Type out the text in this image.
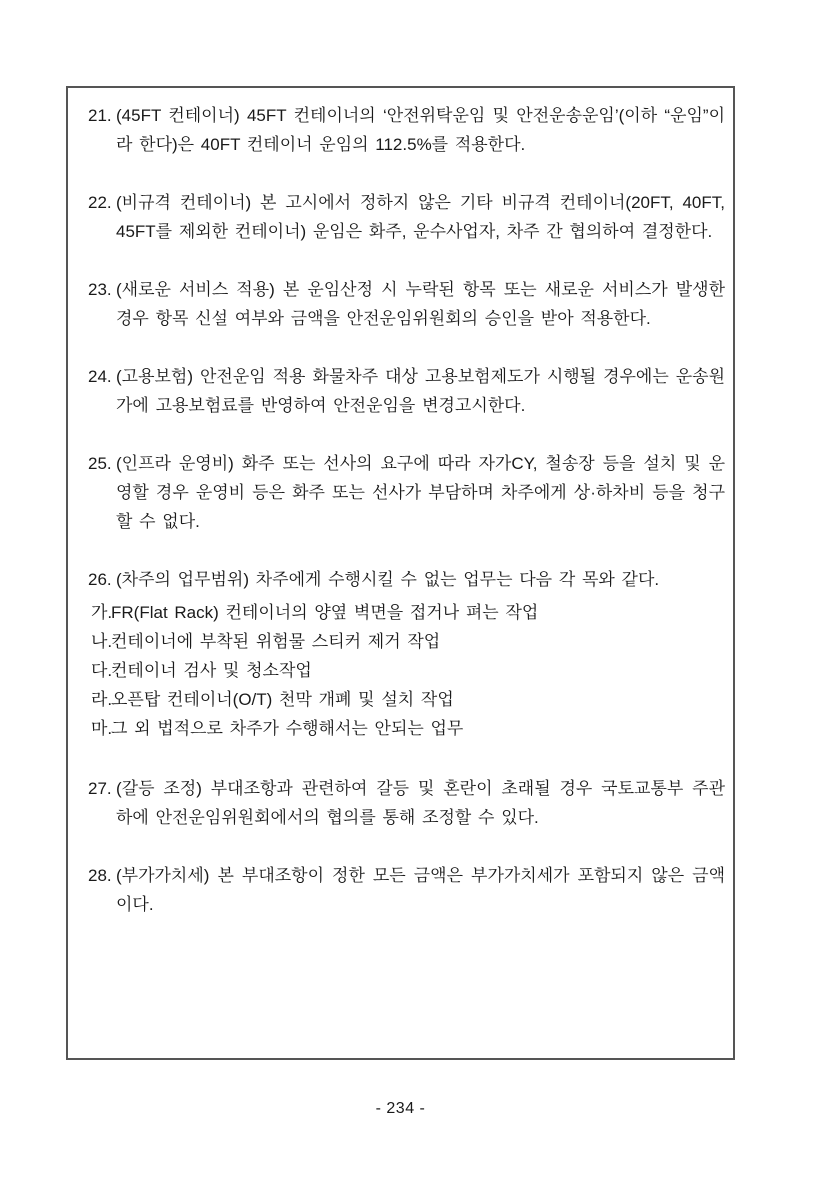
21. (45FT 컨테이너) 45FT 컨테이너의 ‘안전위탁운임 및 안전운송운임’(이하 “운임”이라 한다)은 40FT 컨테이너 운임의 112.5%를 적용한다.

22. (비규격 컨테이너) 본 고시에서 정하지 않은 기타 비규격 컨테이너(20FT, 40FT, 45FT를 제외한 컨테이너) 운임은 화주, 운수사업자, 차주 간 협의하여 결정한다.

23. (새로운 서비스 적용) 본 운임산정 시 누락된 항목 또는 새로운 서비스가 발생한 경우 항목 신설 여부와 금액을 안전운임위원회의 승인을 받아 적용한다.

24. (고용보험) 안전운임 적용 화물차주 대상 고용보험제도가 시행될 경우에는 운송원가에 고용보험료를 반영하여 안전운임을 변경고시한다.

25. (인프라 운영비) 화주 또는 선사의 요구에 따라 자가CY, 철송장 등을 설치 및 운영할 경우 운영비 등은 화주 또는 선사가 부담하며 차주에게 상·하차비 등을 청구할 수 없다.

26. (차주의 업무범위) 차주에게 수행시킬 수 없는 업무는 다음 각 목와 같다.

가.FR(Flat Rack) 컨테이너의 양옆 벽면을 접거나 펴는 작업

나.컨테이너에 부착된 위험물 스티커 제거 작업

다.컨테이너 검사 및 청소작업

라.오픈탑 컨테이너(O/T) 천막 개폐 및 설치 작업

마.그 외 법적으로 차주가 수행해서는 안되는 업무

27. (갈등 조정) 부대조항과 관련하여 갈등 및 혼란이 초래될 경우 국토교통부 주관 하에 안전운임위원회에서의 협의를 통해 조정할 수 있다.

28. (부가가치세) 본 부대조항이 정한 모든 금액은 부가가치세가 포함되지 않은 금액이다.

- 234 -
